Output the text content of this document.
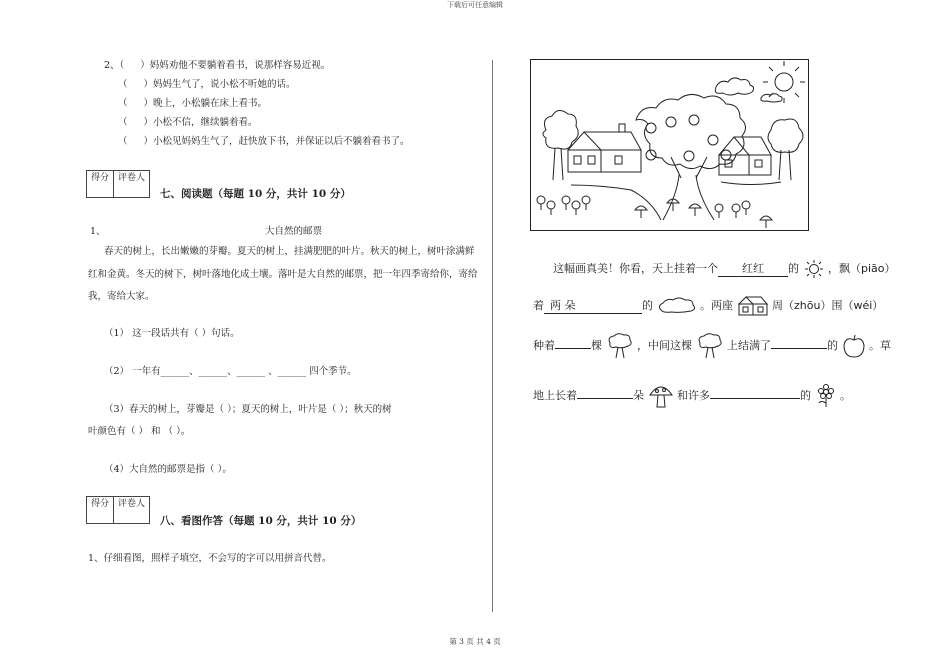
下载后可任意编辑
2、（ ）妈妈劝他不要躺着看书，说那样容易近视。
（ ）妈妈生气了，说小松不听她的话。
（ ）晚上，小松躺在床上看书。
（ ）小松不信，继续躺着看。
（ ）小松见妈妈生气了，赶快放下书，并保证以后不躺着看书了。
得分	评卷人
七、阅读题（每题 10 分，共计 10 分）
1、	大自然的邮票
春天的树上，长出嫩嫩的芽瓣。夏天的树上，挂满肥肥的叶片。秋天的树上，树叶涂满鲜
红和金黄。冬天的树下，树叶落地化成土壤。落叶是大自然的邮票，把一年四季寄给你，寄给
我，寄给大家。
（1） 这一段话共有（ ）句话。
（2） 一年有______、______、______ 、______ 四个季节。
（3）春天的树上，芽瓣是（ ）；夏天的树上，叶片是（ ）；秋天的树
叶颜色有（ ） 和 （ ）。
（4）大自然的邮票是指（ ）。
得分	评卷人
八、看图作答（每题 10 分，共计 10 分）
1、仔细看图，照样子填空，不会写的字可以用拼音代替。
这幅画真美！你看，天上挂着一个 红红 的	，飘（piāo）
着 两 朵	的	。两座	周（zhōu）围（wéi）
种着	棵	，中间这棵	上结满了	的	。草
地上长着	朵	和许多	的	。
第 3 页 共 4 页
